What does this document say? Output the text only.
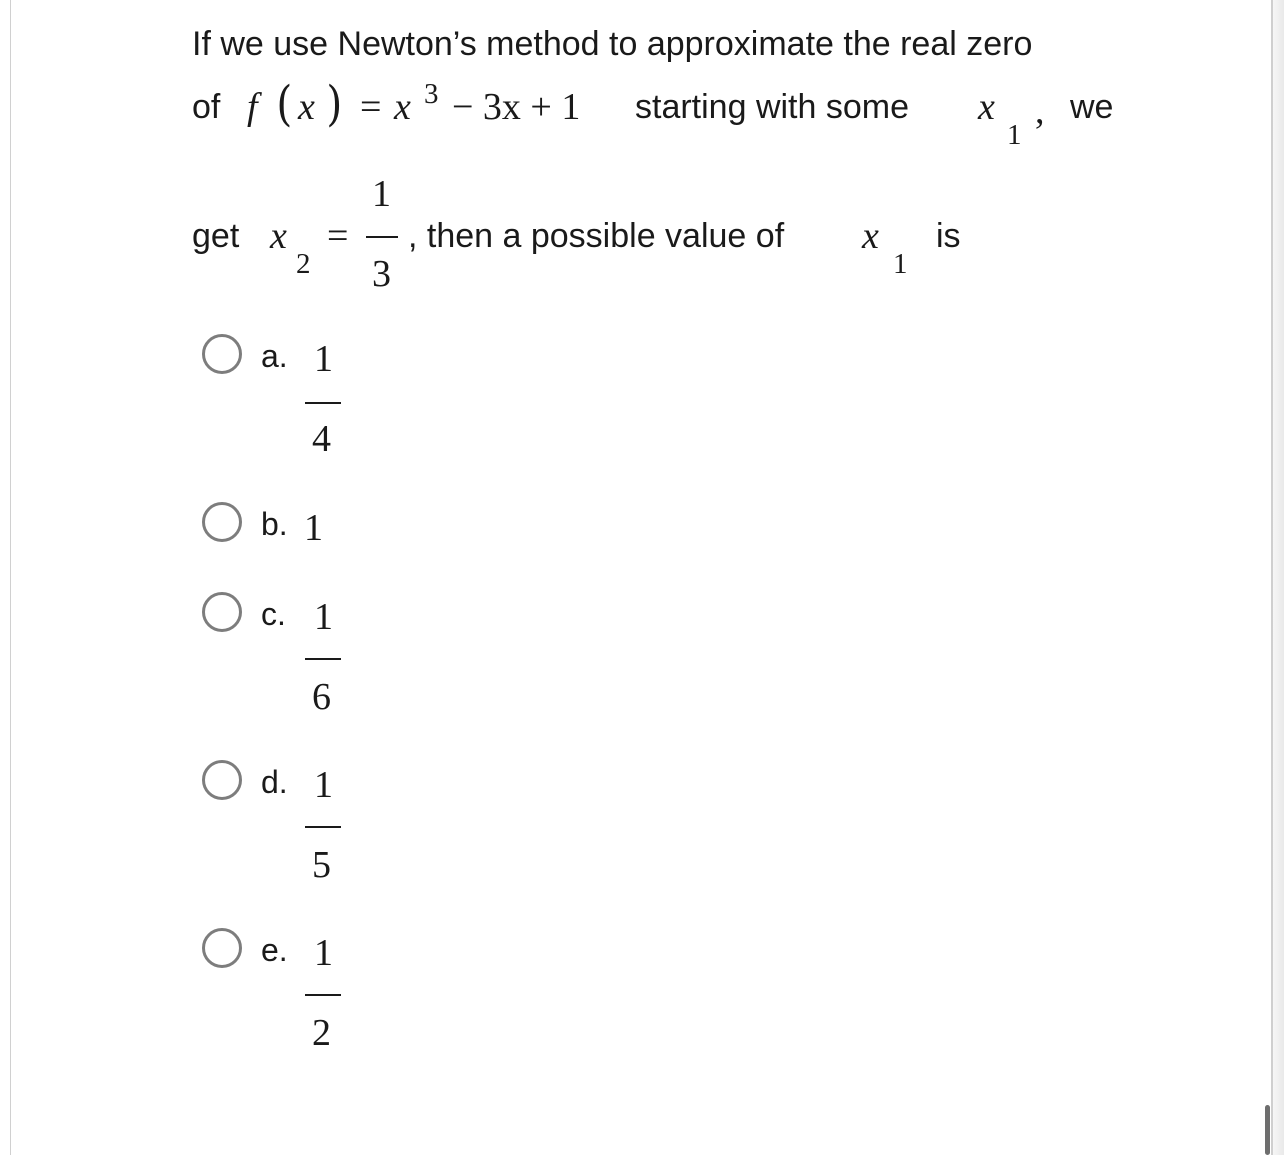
If we use Newton’s method to approximate the real zero
of f ( x ) = x 3 − 3x + 1 starting with some x
1
, we
get x
2
=
1
3
, then a possible value of x
1
is
a. 1
4
b. 1
c. 1
6
d. 1
5
e. 1
2
